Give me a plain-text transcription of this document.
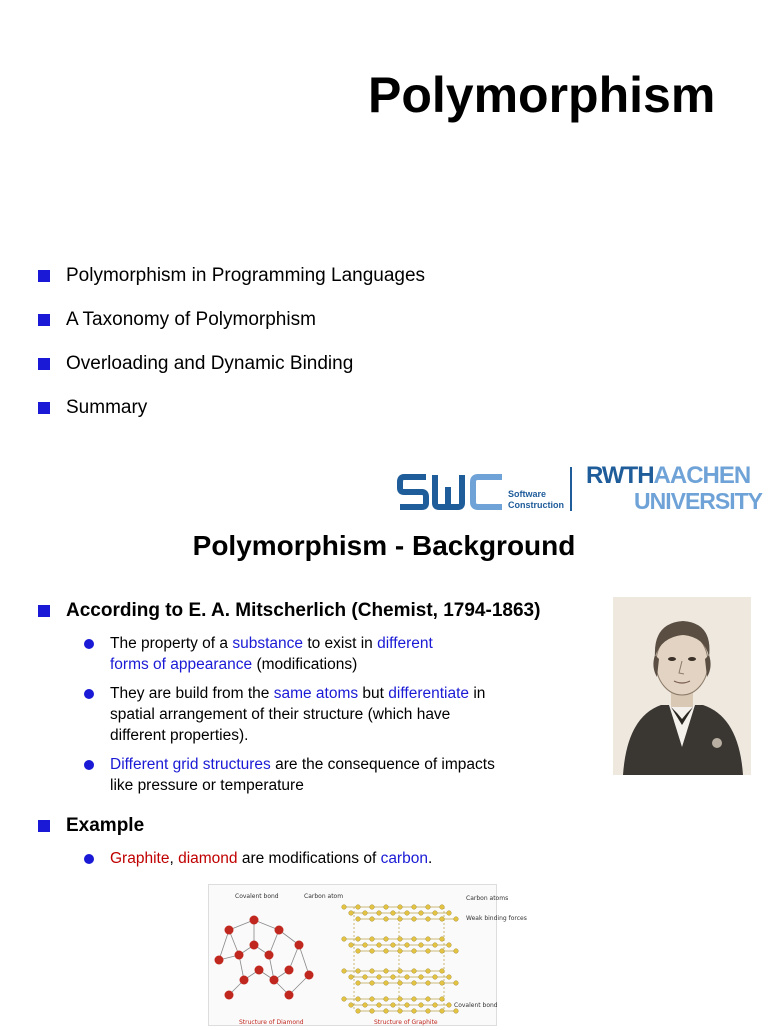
Polymorphism
Polymorphism in Programming Languages
A Taxonomy of Polymorphism
Overloading and Dynamic Binding
Summary
Software
Construction
RWTHAACHEN
UNIVERSITY
Polymorphism - Background
According to E. A. Mitscherlich (Chemist, 1794-1863)
The property of a substance to exist in different
forms of appearance (modifications)
They are build from the same atoms but differentiate in
spatial arrangement of their structure (which have
different properties).
Different grid structures are the consequence of impacts
like pressure or temperature
Example
Graphite, diamond are modifications of carbon.
Covalent bond	Carbon atom	Carbon atoms
Weak binding forces
Covalent bond
Structure of Diamond	Structure of Graphite
